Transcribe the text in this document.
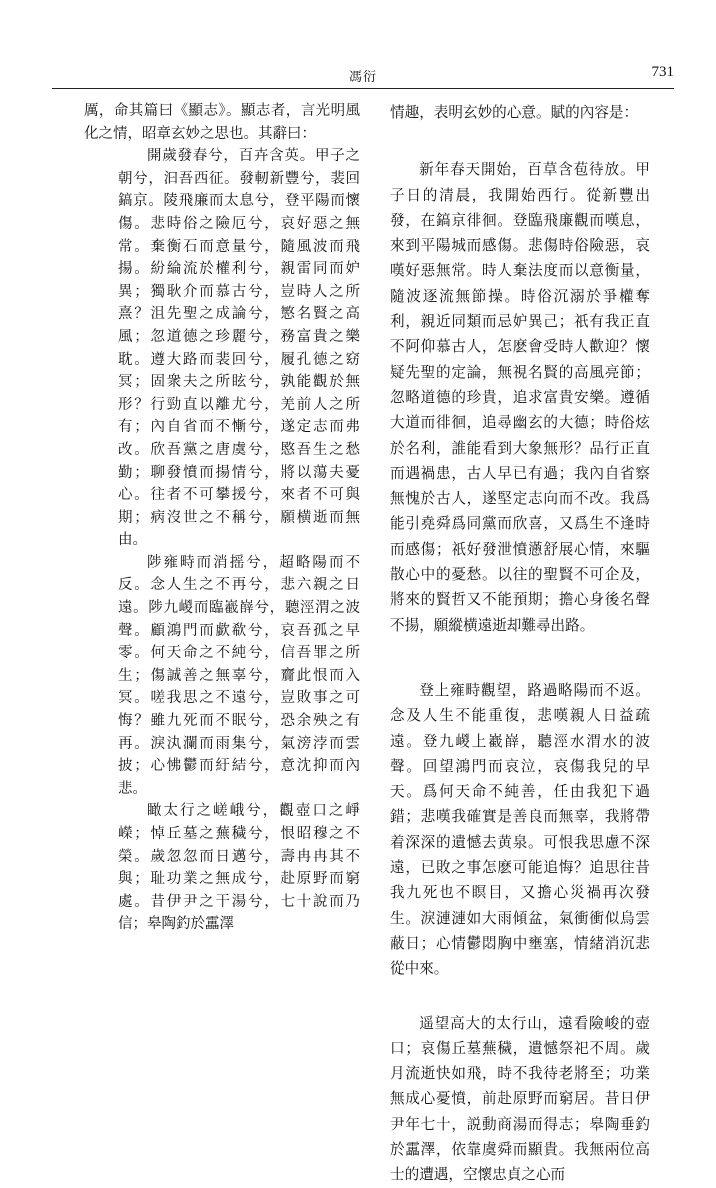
馮衍	731

厲，命其篇曰《顯志》。顯志者，言光明風化之情，昭章玄妙之思也。其辭曰：

開歲發春兮，百卉含英。甲子之朝兮，汩吾西征。發軔新豐兮，裴回鎬京。陵飛廉而太息兮，登平陽而懷傷。悲時俗之險厄兮，哀好惡之無常。棄衡石而意量兮，隨風波而飛揚。紛綸流於權利兮，親雷同而妒異；獨耿介而慕古兮，豈時人之所熹？沮先聖之成論兮，慜名賢之高風；忽道德之珍麗兮，務富貴之樂耽。遵大路而裴回兮，履孔德之窈冥；固衆夫之所眩兮，孰能觀於無形？行勁直以離尤兮，羌前人之所有；內自省而不慚兮，遂定志而弗改。欣吾黨之唐虞兮，愍吾生之愁勤；聊發憤而揚情兮，將以蕩夫憂心。往者不可攀援兮，來者不可與期；病沒世之不稱兮，願横逝而無由。

陟雍畤而消摇兮，超略陽而不反。念人生之不再兮，悲六親之日遠。陟九嵕而臨嶻嶭兮，聽涇渭之波聲。顧鴻門而歔欷兮，哀吾孤之早零。何天命之不純兮，信吾罪之所生；傷誠善之無辜兮，齎此恨而入冥。嗟我思之不遠兮，豈敗事之可悔？雖九死而不眠兮，恐余殃之有再。淚汍瀾而雨集兮，氣滂浡而雲披；心怫鬱而紆結兮，意沈抑而內悲。

瞰太行之嵯峨兮，觀壺口之崢嶸；悼丘墓之蕪穢兮，恨昭穆之不榮。歲忽忽而日邁兮，壽冉冉其不與；耻功業之無成兮，赴原野而窮處。昔伊尹之干湯兮，七十說而乃信；皋陶釣於靁澤

情趣，表明玄妙的心意。賦的內容是：

新年春天開始，百草含苞待放。甲子日的清晨，我開始西行。從新豐出發，在鎬京徘徊。登臨飛廉觀而嘆息，來到平陽城而感傷。悲傷時俗險惡，哀嘆好惡無常。時人棄法度而以意衡量，隨波逐流無節操。時俗沉溺於爭權奪利，親近同類而忌妒異己；祇有我正直不阿仰慕古人，怎麽會受時人歡迎？懷疑先聖的定論，無視名賢的高風亮節；忽略道德的珍貴，追求富貴安樂。遵循大道而徘徊，追尋幽玄的大德；時俗炫於名利，誰能看到大象無形？品行正直而遇禍患，古人早已有過；我內自省察無愧於古人，遂堅定志向而不改。我爲能引堯舜爲同黨而欣喜，又爲生不逢時而感傷；祇好發泄憤懣舒展心情，來驅散心中的憂愁。以往的聖賢不可企及，將來的賢哲又不能預期；擔心身後名聲不揚，願縱横遠逝却難尋出路。

登上雍畤觀望，路過略陽而不返。念及人生不能重復，悲嘆親人日益疏遠。登九嵕上嶻嶭，聽涇水渭水的波聲。回望鴻門而哀泣，哀傷我兒的早天。爲何天命不純善，任由我犯下過錯；悲嘆我確實是善良而無辜，我將帶着深深的遺憾去黄泉。可恨我思慮不深遠，已敗之事怎麽可能追悔？追思往昔我九死也不瞑目，又擔心災禍再次發生。淚漣漣如大雨傾盆，氣衝衝似烏雲蔽日；心情鬱悶胸中壅塞，情緒消沉悲從中來。

遥望高大的太行山，遠看險峻的壺口；哀傷丘墓蕪穢，遺憾祭祀不周。歲月流逝快如飛，時不我待老將至；功業無成心憂憤，前赴原野而窮居。昔日伊尹年七十，説動商湯而得志；皋陶垂釣於靁澤，依靠虞舜而顯貴。我無兩位高士的遭遇，空懷忠貞之心而
